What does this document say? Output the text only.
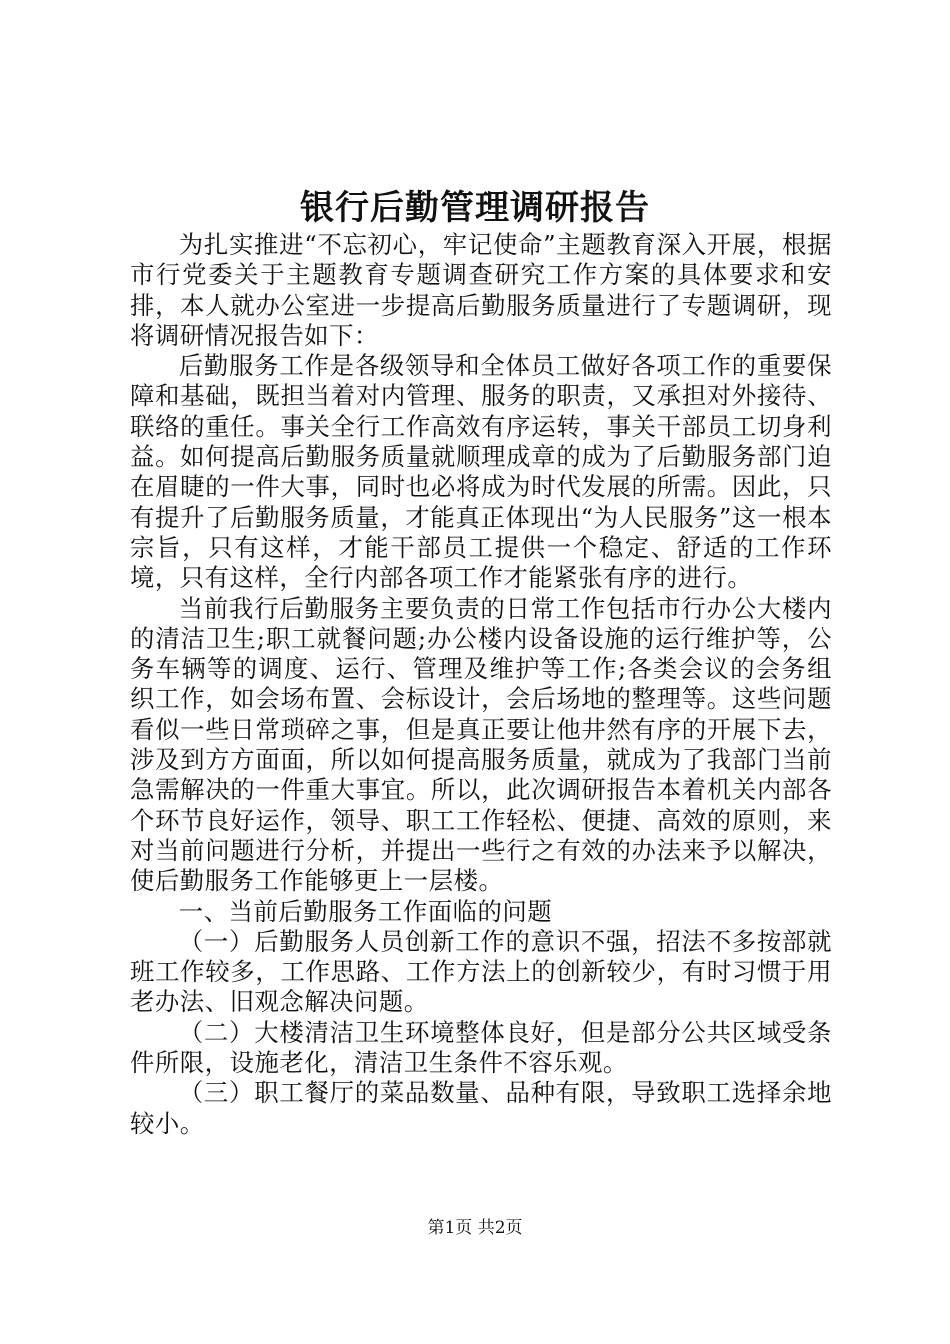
银行后勤管理调研报告

为扎实推进“不忘初心，牢记使命”主题教育深入开展，根据市行党委关于主题教育专题调查研究工作方案的具体要求和安排，本人就办公室进一步提高后勤服务质量进行了专题调研，现将调研情况报告如下：

后勤服务工作是各级领导和全体员工做好各项工作的重要保障和基础，既担当着对内管理、服务的职责，又承担对外接待、联络的重任。事关全行工作高效有序运转，事关干部员工切身利益。如何提高后勤服务质量就顺理成章的成为了后勤服务部门迫在眉睫的一件大事，同时也必将成为时代发展的所需。因此，只有提升了后勤服务质量，才能真正体现出“为人民服务”这一根本宗旨，只有这样，才能干部员工提供一个稳定、舒适的工作环境，只有这样，全行内部各项工作才能紧张有序的进行。

当前我行后勤服务主要负责的日常工作包括市行办公大楼内的清洁卫生;职工就餐问题;办公楼内设备设施的运行维护等，公务车辆等的调度、运行、管理及维护等工作;各类会议的会务组织工作，如会场布置、会标设计，会后场地的整理等。这些问题看似一些日常琐碎之事，但是真正要让他井然有序的开展下去，涉及到方方面面，所以如何提高服务质量，就成为了我部门当前急需解决的一件重大事宜。所以，此次调研报告本着机关内部各个环节良好运作，领导、职工工作轻松、便捷、高效的原则，来对当前问题进行分析，并提出一些行之有效的办法来予以解决，使后勤服务工作能够更上一层楼。

一、当前后勤服务工作面临的问题

（一）后勤服务人员创新工作的意识不强，招法不多按部就班工作较多，工作思路、工作方法上的创新较少，有时习惯于用老办法、旧观念解决问题。

（二）大楼清洁卫生环境整体良好，但是部分公共区域受条件所限，设施老化，清洁卫生条件不容乐观。

（三）职工餐厅的菜品数量、品种有限，导致职工选择余地较小。

第1页 共2页
